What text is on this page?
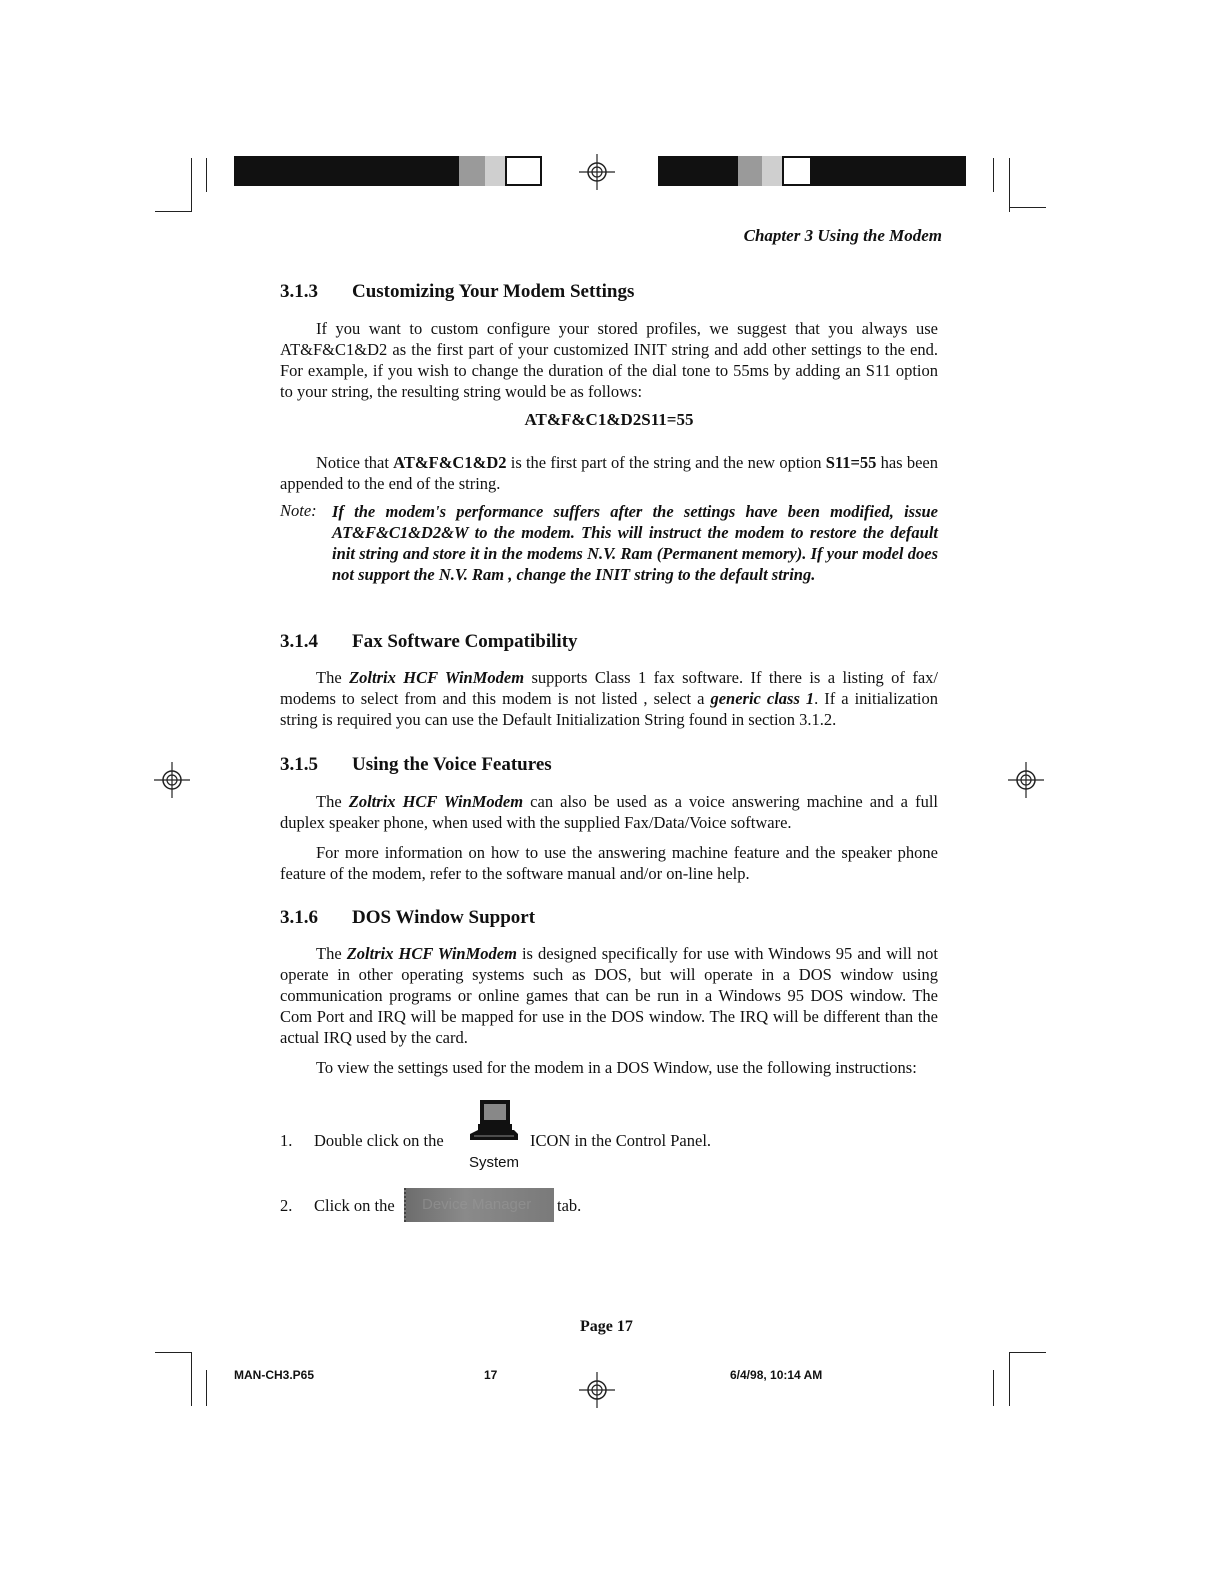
Chapter 3 Using the Modem
3.1.3 Customizing Your Modem Settings

If you want to custom configure your stored profiles, we suggest that you always use AT&F&C1&D2 as the first part of your customized INIT string and add other settings to the end. For example, if you wish to change the duration of the dial tone to 55ms by adding an S11 option to your string, the resulting string would be as follows:

AT&F&C1&D2S11=55

Notice that AT&F&C1&D2 is the first part of the string and the new option S11=55 has been appended to the end of the string.

Note: If the modem's performance suffers after the settings have been modified, issue AT&F&C1&D2&W to the modem. This will instruct the modem to restore the default init string and store it in the modems N.V. Ram (Permanent memory). If your model does not support the N.V. Ram , change the INIT string to the default string.
3.1.4 Fax Software Compatibility

The Zoltrix HCF WinModem supports Class 1 fax software. If there is a listing of fax/ modems to select from and this modem is not listed , select a generic class 1. If a initialization string is required you can use the Default Initialization String found in section 3.1.2.

3.1.5 Using the Voice Features

The Zoltrix HCF WinModem can also be used as a voice answering machine and a full duplex speaker phone, when used with the supplied Fax/Data/Voice software.

For more information on how to use the answering machine feature and the speaker phone feature of the modem, refer to the software manual and/or on-line help.

3.1.6 DOS Window Support

The Zoltrix HCF WinModem is designed specifically for use with Windows 95 and will not operate in other operating systems such as DOS, but will operate in a DOS window using communication programs or online games that can be run in a Windows 95 DOS window. The Com Port and IRQ will be mapped for use in the DOS window. The IRQ will be different than the actual IRQ used by the card.

To view the settings used for the modem in a DOS Window, use the following instructions:

1. Double click on the
System
ICON in the Control Panel.
2. Click on the	Device Manager	tab.
Page 17
MAN-CH3.P65	17	6/4/98, 10:14 AM
